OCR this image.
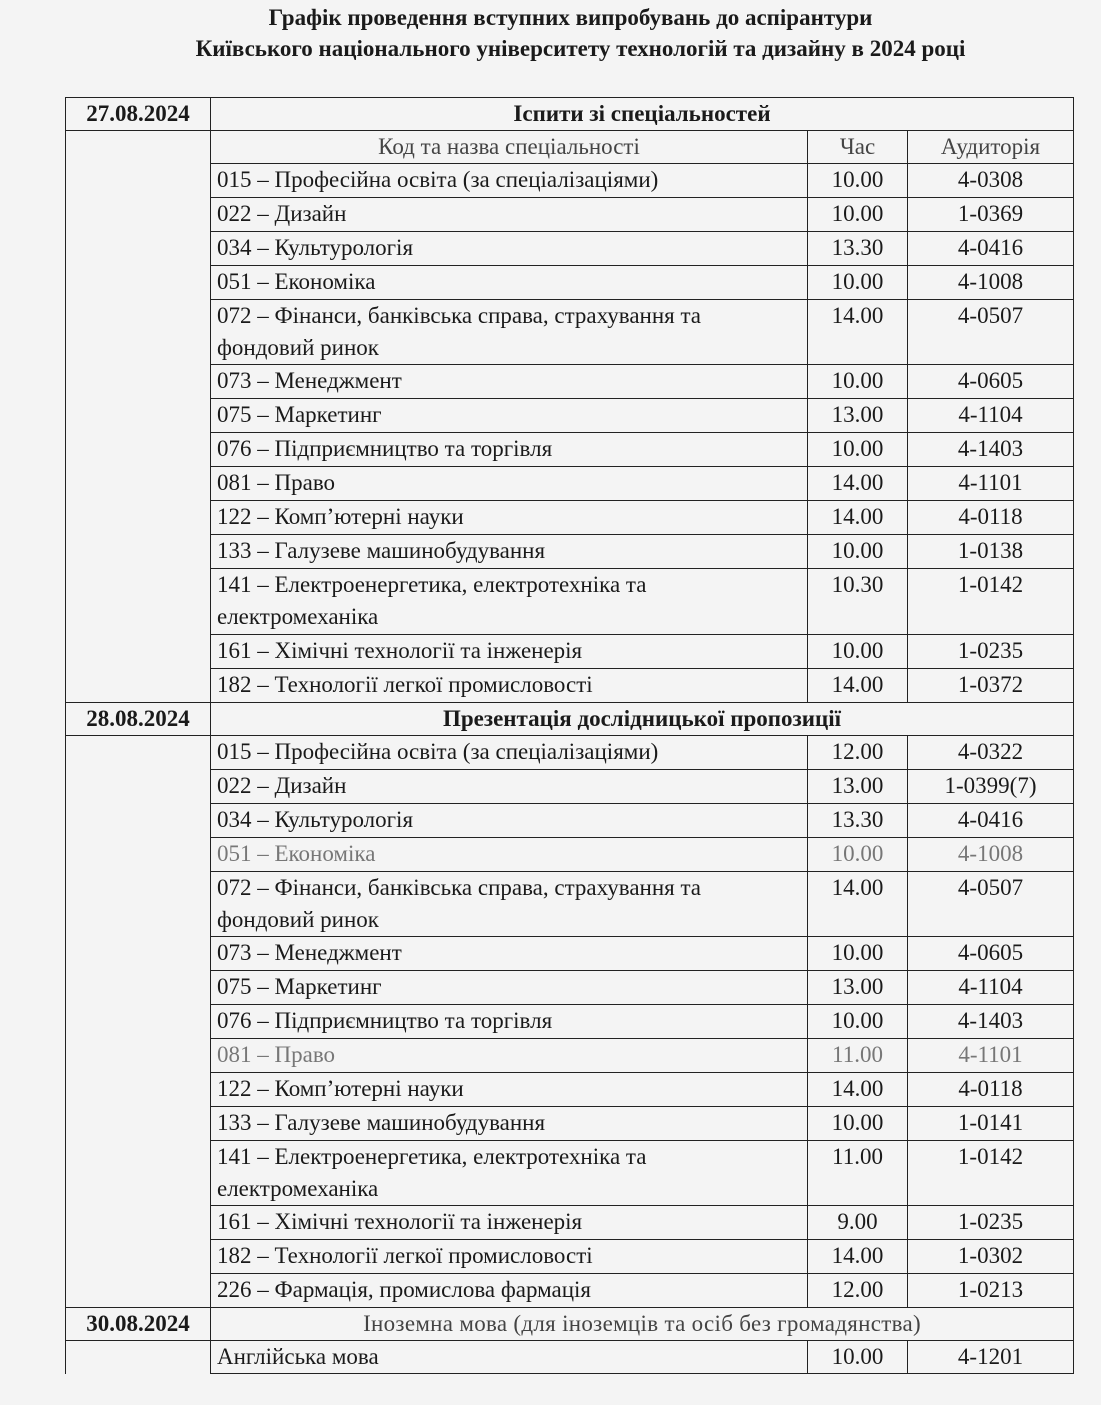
Графік проведення вступних випробувань до аспірантури
Київського національного університету технологій та дизайну в 2024 році
27.08.2024	Іспити зі спеціальностей		
	Код та назва спеціальності	Час	Аудиторія
	015 – Професійна освіта (за спеціалізаціями)	10.00	4-0308
	022 – Дизайн	10.00	1-0369
	034 – Культурологія	13.30	4-0416
	051 – Економіка	10.00	4-1008
	072 – Фінанси, банківська справа, страхування та фондовий ринок	14.00	4-0507
	073 – Менеджмент	10.00	4-0605
	075 – Маркетинг	13.00	4-1104
	076 – Підприємництво та торгівля	10.00	4-1403
	081 – Право	14.00	4-1101
	122 – Комп’ютерні науки	14.00	4-0118
	133 – Галузеве машинобудування	10.00	1-0138
	141 – Електроенергетика, електротехніка та електромеханіка	10.30	1-0142
	161 – Хімічні технології та інженерія	10.00	1-0235
	182 – Технології легкої промисловості	14.00	1-0372
28.08.2024	Презентація дослідницької пропозиції		
	015 – Професійна освіта (за спеціалізаціями)	12.00	4-0322
	022 – Дизайн	13.00	1-0399(7)
	034 – Культурологія	13.30	4-0416
	051 – Економіка	10.00	4-1008
	072 – Фінанси, банківська справа, страхування та фондовий ринок	14.00	4-0507
	073 – Менеджмент	10.00	4-0605
	075 – Маркетинг	13.00	4-1104
	076 – Підприємництво та торгівля	10.00	4-1403
	081 – Право	11.00	4-1101
	122 – Комп’ютерні науки	14.00	4-0118
	133 – Галузеве машинобудування	10.00	1-0141
	141 – Електроенергетика, електротехніка та електромеханіка	11.00	1-0142
	161 – Хімічні технології та інженерія	9.00	1-0235
	182 – Технології легкої промисловості	14.00	1-0302
	226 – Фармація, промислова фармація	12.00	1-0213
30.08.2024	Іноземна мова (для іноземців та осіб без громадянства)		
	Англійська мова	10.00	4-1201
